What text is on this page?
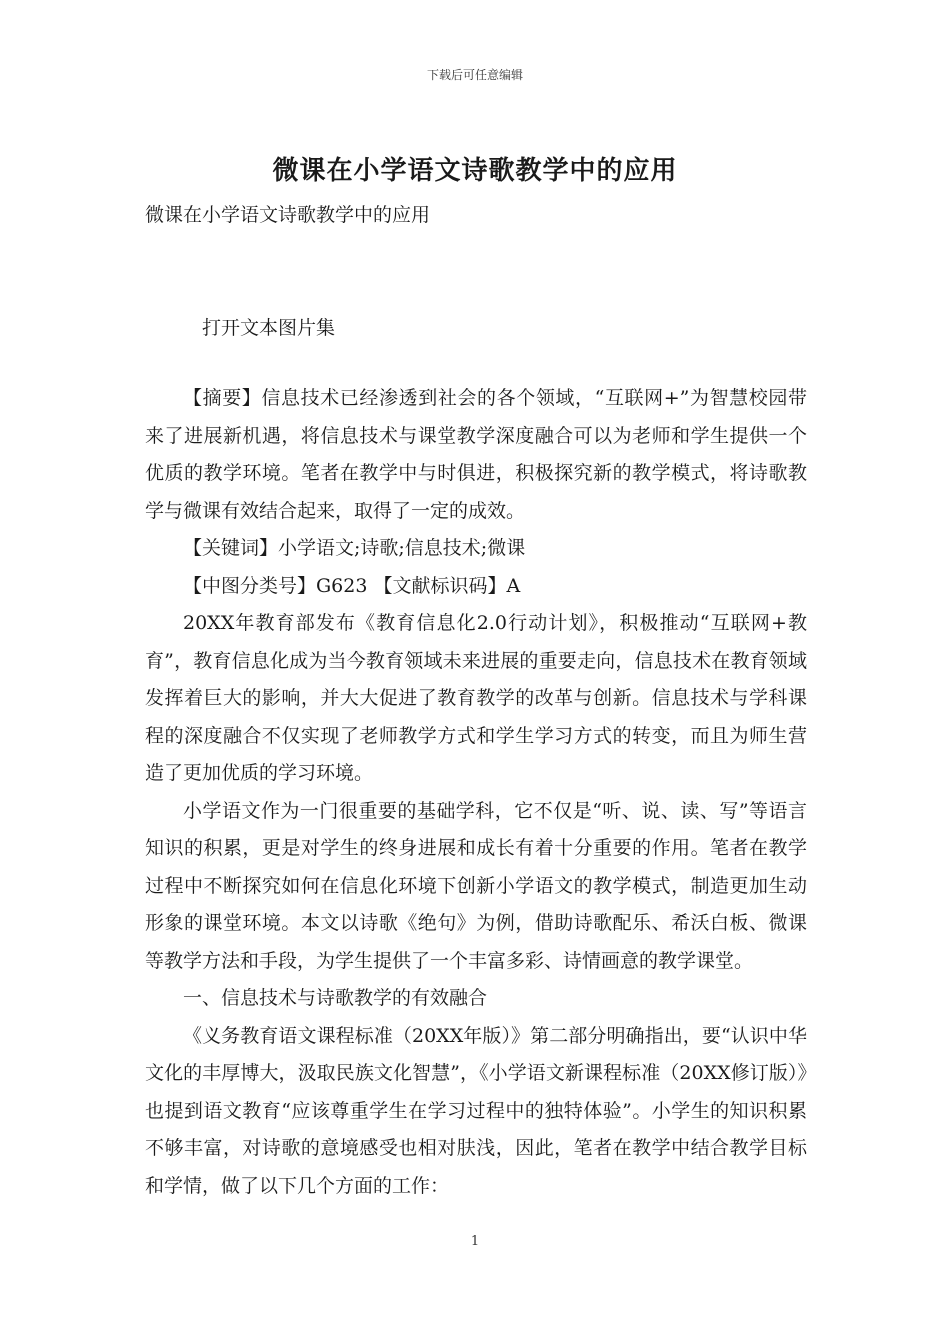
下载后可任意编辑
微课在小学语文诗歌教学中的应用

微课在小学语文诗歌教学中的应用

打开文本图片集

【摘要】信息技术已经渗透到社会的各个领域，“互联网+”为智慧校园带来了进展新机遇，将信息技术与课堂教学深度融合可以为老师和学生提供一个优质的教学环境。笔者在教学中与时俱进，积极探究新的教学模式，将诗歌教学与微课有效结合起来，取得了一定的成效。

【关键词】小学语文;诗歌;信息技术;微课

【中图分类号】G623 【文献标识码】A

20XX年教育部发布《教育信息化2.0行动计划》，积极推动“互联网+教育”，教育信息化成为当今教育领域未来进展的重要走向，信息技术在教育领域发挥着巨大的影响，并大大促进了教育教学的改革与创新。信息技术与学科课程的深度融合不仅实现了老师教学方式和学生学习方式的转变，而且为师生营造了更加优质的学习环境。

小学语文作为一门很重要的基础学科，它不仅是“听、说、读、写”等语言知识的积累，更是对学生的终身进展和成长有着十分重要的作用。笔者在教学过程中不断探究如何在信息化环境下创新小学语文的教学模式，制造更加生动形象的课堂环境。本文以诗歌《绝句》为例，借助诗歌配乐、希沃白板、微课等教学方法和手段，为学生提供了一个丰富多彩、诗情画意的教学课堂。

一、信息技术与诗歌教学的有效融合

《义务教育语文课程标准（20XX年版）》第二部分明确指出，要“认识中华文化的丰厚博大，汲取民族文化智慧”，《小学语文新课程标准（20XX修订版）》也提到语文教育“应该尊重学生在学习过程中的独特体验”。小学生的知识积累不够丰富，对诗歌的意境感受也相对肤浅，因此，笔者在教学中结合教学目标和学情，做了以下几个方面的工作：

1
